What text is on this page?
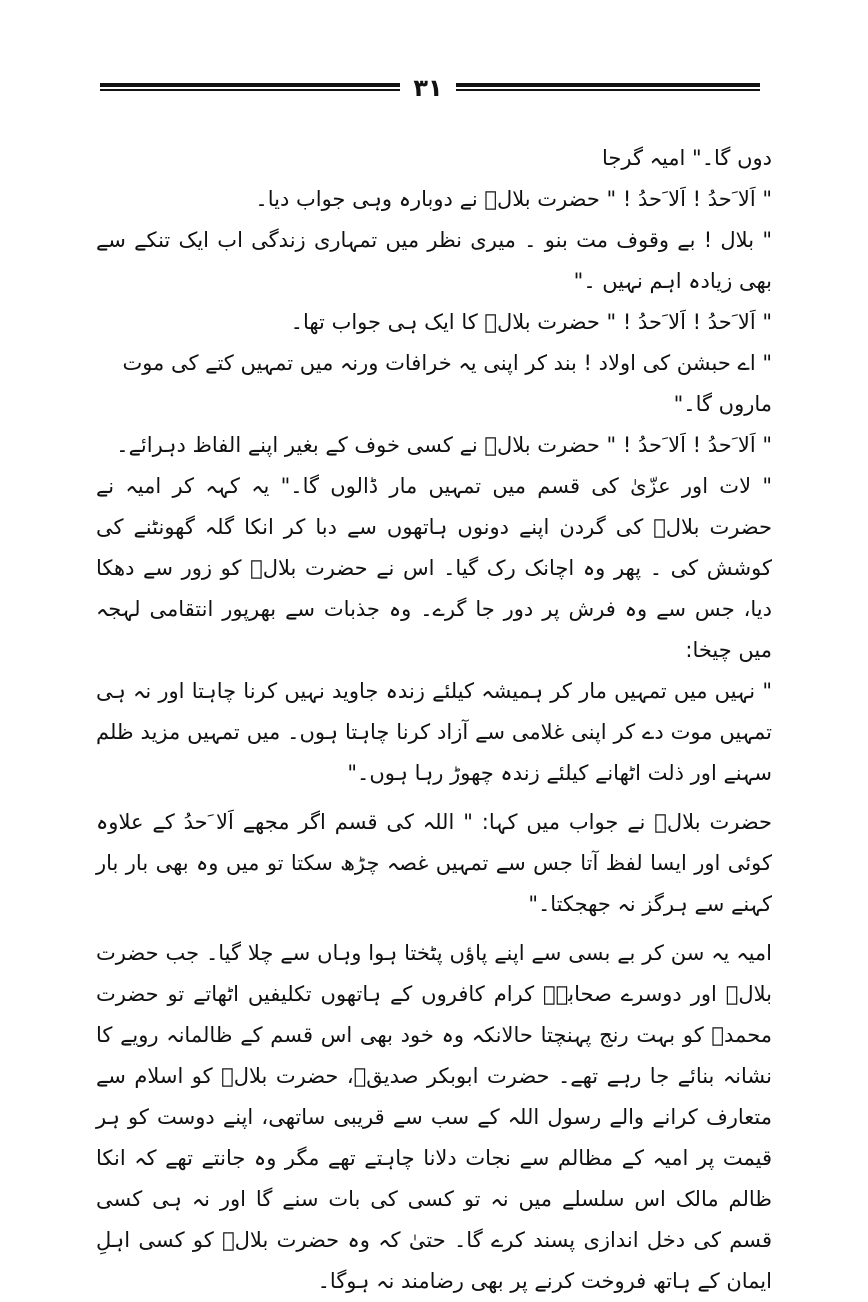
۳۱

دوں گا۔" امیہ گرجا

" اَلا َحدُ ! اَلا َحدُ ! " حضرت بلالؓ نے دوبارہ وہی جواب دیا۔

" بلال ! بے وقوف مت بنو ۔ میری نظر میں تمہاری زندگی اب ایک تنکے سے بھی زیادہ اہم نہیں ۔"

" اَلا َحدُ ! اَلا َحدُ ! " حضرت بلالؓ کا ایک ہی جواب تھا۔

" اے حبشن کی اولاد ! بند کر اپنی یہ خرافات ورنہ میں تمہیں کتے کی موت ماروں گا۔"

" اَلا َحدُ ! اَلا َحدُ ! " حضرت بلالؓ نے کسی خوف کے بغیر اپنے الفاظ دہرائے۔

" لات اور عزّیٰ کی قسم میں تمہیں مار ڈالوں گا۔" یہ کہہ کر امیہ نے حضرت بلالؓ کی گردن اپنے دونوں ہاتھوں سے دبا کر انکا گلہ گھونٹنے کی کوشش کی ۔ پھر وہ اچانک رک گیا۔ اس نے حضرت بلالؓ کو زور سے دھکا دیا، جس سے وہ فرش پر دور جا گرے۔ وہ جذبات سے بھرپور انتقامی لہجہ میں چیخا:

" نہیں میں تمہیں مار کر ہمیشہ کیلئے زندہ جاوید نہیں کرنا چاہتا اور نہ ہی تمہیں موت دے کر اپنی غلامی سے آزاد کرنا چاہتا ہوں۔ میں تمہیں مزید ظلم سہنے اور ذلت اٹھانے کیلئے زندہ چھوڑ رہا ہوں۔"

حضرت بلالؓ نے جواب میں کہا: " اللہ کی قسم اگر مجھے اَلا َحدُ کے علاوہ کوئی اور ایسا لفظ آتا جس سے تمہیں غصہ چڑھ سکتا تو میں وہ بھی بار بار کہنے سے ہرگز نہ جھجکتا۔"

امیہ یہ سن کر بے بسی سے اپنے پاؤں پٹختا ہوا وہاں سے چلا گیا۔ جب حضرت بلالؓ اور دوسرے صحابہؓ کرام کافروں کے ہاتھوں تکلیفیں اٹھاتے تو حضرت محمدؐ کو بہت رنج پہنچتا حالانکہ وہ خود بھی اس قسم کے ظالمانہ رویے کا نشانہ بنائے جا رہے تھے۔ حضرت ابوبکر صدیقؓ، حضرت بلالؓ کو اسلام سے متعارف کرانے والے رسول اللہ کے سب سے قریبی ساتھی، اپنے دوست کو ہر قیمت پر امیہ کے مظالم سے نجات دلانا چاہتے تھے مگر وہ جانتے تھے کہ انکا ظالم مالک اس سلسلے میں نہ تو کسی کی بات سنے گا اور نہ ہی کسی قسم کی دخل اندازی پسند کرے گا۔ حتیٰ کہ وہ حضرت بلالؓ کو کسی اہلِ ایمان کے ہاتھ فروخت کرنے پر بھی رضامند نہ ہوگا۔
